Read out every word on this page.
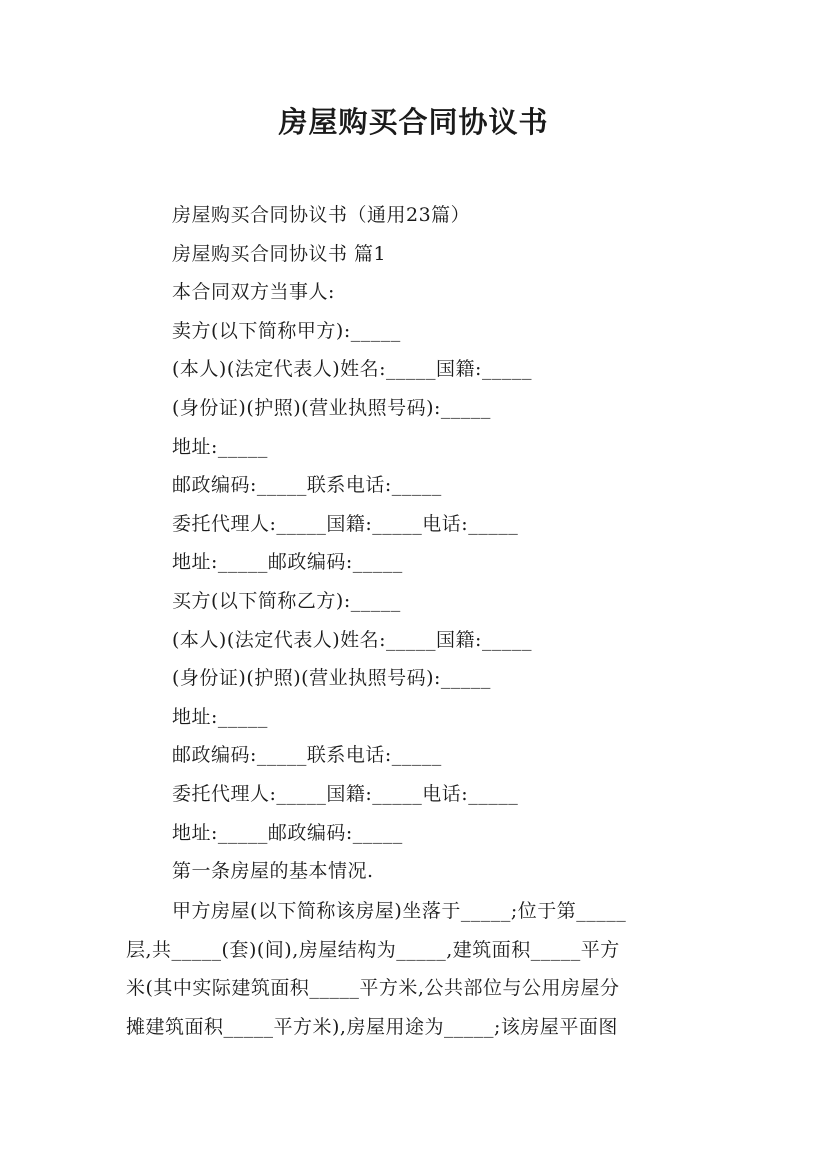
房屋购买合同协议书
房屋购买合同协议书（通用23篇）
房屋购买合同协议书 篇1
本合同双方当事人:
卖方(以下简称甲方):_____
(本人)(法定代表人)姓名:_____国籍:_____
(身份证)(护照)(营业执照号码):_____
地址:_____
邮政编码:_____联系电话:_____
委托代理人:_____国籍:_____电话:_____
地址:_____邮政编码:_____
买方(以下简称乙方):_____
(本人)(法定代表人)姓名:_____国籍:_____
(身份证)(护照)(营业执照号码):_____
地址:_____
邮政编码:_____联系电话:_____
委托代理人:_____国籍:_____电话:_____
地址:_____邮政编码:_____
第一条房屋的基本情况.
甲方房屋(以下简称该房屋)坐落于_____;位于第_____
层,共_____(套)(间),房屋结构为_____,建筑面积_____平方
米(其中实际建筑面积_____平方米,公共部位与公用房屋分
摊建筑面积_____平方米),房屋用途为_____;该房屋平面图
